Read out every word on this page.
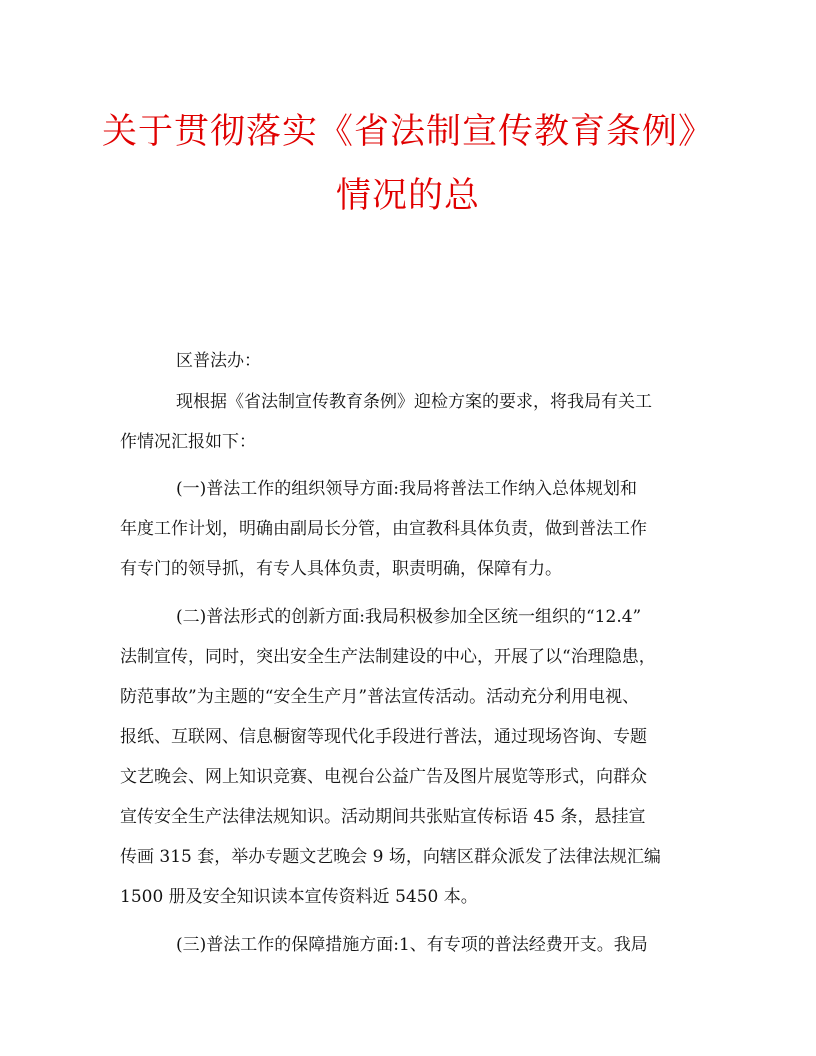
关于贯彻落实《省法制宣传教育条例》
情况的总
区普法办：
现根据《省法制宣传教育条例》迎检方案的要求，将我局有关工
作情况汇报如下：
(一)普法工作的组织领导方面:我局将普法工作纳入总体规划和
年度工作计划，明确由副局长分管，由宣教科具体负责，做到普法工作
有专门的领导抓，有专人具体负责，职责明确，保障有力。
(二)普法形式的创新方面:我局积极参加全区统一组织的“12.4”
法制宣传，同时，突出安全生产法制建设的中心，开展了以“治理隐患，
防范事故”为主题的“安全生产月”普法宣传活动。活动充分利用电视、
报纸、互联网、信息橱窗等现代化手段进行普法，通过现场咨询、专题
文艺晚会、网上知识竞赛、电视台公益广告及图片展览等形式，向群众
宣传安全生产法律法规知识。活动期间共张贴宣传标语 45 条，悬挂宣
传画 315 套，举办专题文艺晚会 9 场，向辖区群众派发了法律法规汇编
1500 册及安全知识读本宣传资料近 5450 本。
(三)普法工作的保障措施方面:1、有专项的普法经费开支。我局
